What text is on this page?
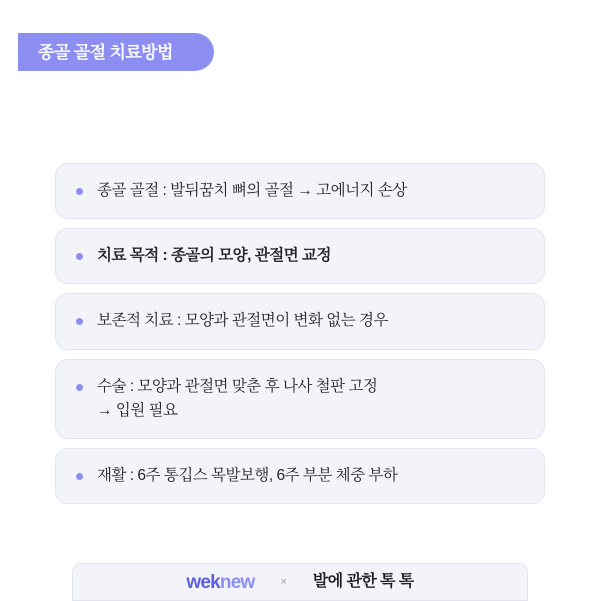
종골 골절 치료방법
종골 골절 : 발뒤꿈치 뼈의 골절 → 고에너지 손상
치료 목적 : 종골의 모양, 관절면 교정
보존적 치료 : 모양과 관절면이 변화 없는 경우
수술 : 모양과 관절면 맞춘 후 나사 철판 고정
→ 입원 필요
재활 : 6주 통깁스 목발보행, 6주 부분 체중 부하
weknew × 발에 관한 톡 톡
